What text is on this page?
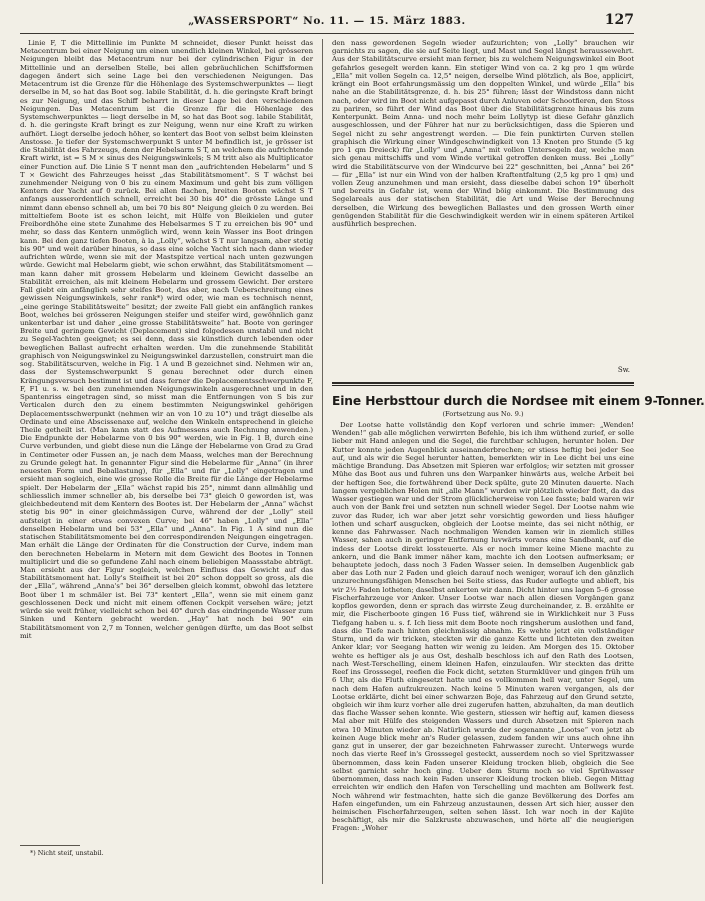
„WASSERSPORT“ No. 11. — 15. März 1883.	127

Linie F, T die Mittellinie im Punkte M schneidet, dieser Punkt heisst das Metacentrum bei einer Neigung um einen unendlich kleinen Winkel, bei grösseren Neigungen bleibt das Metacentrum nur bei der cylindrischen Figur in der Mittellinie und an derselben Stelle, bei allen gebräuchlichen Schiffsformen dagegen ändert sich seine Lage bei den verschiedenen Neigungen. Das Metacentrum ist die Grenze für die Höhenlage des Systemschwerpunktes — liegt derselbe in M, so hat das Boot sog. labile Stabilität, d. h. die geringste Kraft bringt es zur Neigung, und das Schiff beharrt in dieser Lage bei den verschiedenen Neigungen. Das Metacentrum ist die Grenze für die Höhenlage des Systemschwerpunktes — liegt derselbe in M, so hat das Boot sog. labile Stabilität, d. h. die geringste Kraft bringt es zur Neigung, wenn nur eine Kraft zu wirken aufhört. Liegt derselbe jedoch höher, so kentert das Boot von selbst beim kleinsten Anstosse. Je tiefer der Systemschwerpunkt S unter M befindlich ist, je grösser ist die Stabilität des Fahrzeugs, denn der Hebelsarm S T, an welchem die aufrichtende Kraft wirkt, ist = S M × sinus des Neigungswinkels; S M tritt also als Multiplicator einer Function auf. Die Linie S T nennt man den „aufrichtenden Hebelarm“ und S T × Gewicht des Fahrzeuges heisst „das Stabilitätsmoment“. S T wächst bei zunehmender Neigung von 0 bis zu einem Maximum und geht bis zum völligen Kentern der Yacht auf 0 zurück. Bei allen flachen, breiten Booten wächst S T anfangs ausserordentlich schnell, erreicht bei 30 bis 40° die grösste Länge und nimmt dann ebenso schnell ab, um bei 70 bis 80° Neigung gleich 0 zu werden. Bei mitteltiefem Boote ist es schon leicht, mit Hülfe von Bleikielen und guter Freibordhöhe eine stete Zunahme des Hebelsarmes S T zu erreichen bis 90° und mehr, so dass das Kentern unmöglich wird, wenn kein Wasser ins Boot dringen kann. Bei den ganz tiefen Booten, à la „Lolly“, wächst S T nur langsam, aber stetig bis 90° und weit darüber hinaus, so dass eine solche Yacht sich nach dann wieder aufrichten würde, wenn sie mit der Mastspitze vertical nach unten gezwungen würde. Gewicht mal Hebelarm giebt, wie schon erwähnt, das Stabilitätsmoment — man kann daher mit grossem Hebelarm und kleinem Gewicht dasselbe an Stabilität erreichen, als mit kleinem Hebelarm und grossem Gewicht. Der erstere Fall giebt ein anfänglich sehr steifes Boot, das aber, nach Ueberschreitung eines gewissen Neigungswinkels, sehr rank*) wird oder, wie man es technisch nennt, „eine geringe Stabilitätsweite“ besitzt; der zweite Fall giebt ein anfänglich rankes Boot, welches bei grösseren Neigungen steifer und steifer wird, gewöhnlich ganz unkenterbar ist und daher „eine grosse Stabilitätsweite“ hat. Boote von geringer Breite und geringem Gewicht (Deplacement) sind folgedessen unstabil und nicht zu Segel-Yachten geeignet; es sei denn, dass sie künstlich durch lebenden oder beweglichen Ballast aufrecht erhalten werden. Um die zunehmende Stabilität graphisch von Neigungswinkel zu Neigungswinkel darzustellen, construirt man die sog. Stabilitätscurven, welche in Fig. 1 A und B gezeichnet sind. Nehmen wir an, dass der Systemschwerpunkt S genau berechnet oder durch einen Krängungsversuch bestimmt ist und dass ferner die Deplacementsschwerpunkte F, F, F1 u. s. w. bei den zunehmenden Neigungswinkeln ausgerechnet und in den Spantenriss eingetragen sind, so misst man die Entfernungen von S bis zur Verticalen durch den zu einem bestimmten Neigungswinkel gehörigen Deplacementsschwerpunkt (nehmen wir an von 10 zu 10°) und trägt dieselbe als Ordinate und eine Abscissenaxe auf, welche den Winkeln entsprechend in gleiche Theile getheilt ist. (Man kann statt des Aufmessens auch Rechnung anwenden.) Die Endpunkte der Hebelarme von 0 bis 90° werden, wie in Fig. 1 B, durch eine Curve verbunden, und giebt diese nun die Länge der Hebelarme von Grad zu Grad in Centimeter oder Fussen an, je nach dem Maass, welches man der Berechnung zu Grunde gelegt hat. In genannter Figur sind die Hebelarme für „Anna“ (in ihrer neuesten Form und Beballastung), für „Ella“ und für „Lolly“ eingetragen und ersieht man sogleich, eine wie grosse Rolle die Breite für die Länge der Hebelarme spielt. Der Hebelarm der „Ella“ wächst rapid bis 25°, nimmt dann allmählig und schliesslich immer schneller ab, bis derselbe bei 73° gleich 0 geworden ist, was gleichbedeutend mit dem Kentern des Bootes ist. Der Hebelarm der „Anna“ wächst stetig bis 90° in einer gleichmässigen Curve, während der der „Lolly“ steil aufsteigt in einer etwas convexen Curve; bei 46° haben „Lolly“ und „Ella“ denselben Hebelarm und bei 53° „Ella“ und „Anna“. In Fig. 1 A sind nun die statischen Stabilitätsmomente bei den correspondirenden Neigungen eingetragen. Man erhält die Länge der Ordinaten für die Construction der Curve, indem man den berechneten Hebelarm in Metern mit dem Gewicht des Bootes in Tonnen multiplicirt und die so gefundene Zahl nach einem beliebigen Maassstabe abträgt. Man ersieht aus der Figur sogleich, welchen Einfluss das Gewicht auf das Stabilitätsmoment hat. Lolly's Steifheit ist bei 20° schon doppelt so gross, als die der „Ella“, während „Anna's“ bei 36° derselben gleich kommt, obwohl das letztere Boot über 1 m schmäler ist. Bei 73° kentert „Ella“, wenn sie mit einem ganz geschlossenen Deck und nicht mit einem offenen Cockpit versehen wäre; jetzt würde sie weit früher, vielleicht schon bei 40° durch das eindringende Wasser zum Sinken und Kentern gebracht werden. „Hay“ hat noch bei 90° ein Stabilitätsmoment von 2,7 m Tonnen, welcher genügen dürfte, um das Boot selbst mit

*) Nicht steif, unstabil.

den nass gewordenen Segeln wieder aufzurichten; von „Lolly“ brauchen wir garnichts zu sagen, die sie auf Seite liegt, und Mast und Segel längst heraussewehrt. Aus der Stabilitätscurve ersieht man ferner, bis zu welchem Neigungswinkel ein Boot gefahrlos gesegelt werden kann. Ein stetiger Wind von ca. 2 kg pro 1 qm würde „Ella“ mit vollen Segeln ca. 12,5° neigen, derselbe Wind plötzlich, als Boe, applicirt, krängt ein Boot erfahrungsmässig um den doppelten Winkel, und würde „Ella“ bis nahe an die Stabilitätsgrenze, d. h. bis 25° führen; lässt der Windstoss dann nicht nach, oder wird im Boot nicht aufgepasst durch Anluven oder Schootfieren, den Stoss zu pariren, so führt der Wind das Boot über die Stabilitätsgrenze hinaus bis zum Kenterpunkt. Beim Anna- und noch mehr beim Lollytyp ist diese Gefahr gänzlich ausgeschlossen, und der Führer hat nur zu berücksichtigen, dass die Spieren und Segel nicht zu sehr angestrengt werden. — Die fein punktirten Curven stellen graphisch die Wirkung einer Windgeschwindigkeit von 13 Knoten pro Stunde (5 kg pro 1 qm Dreieck) für „Lolly“ und „Anna“ mit vollen Untersegeln dar, welche man sich genau mittschiffs und vom Winde vertikal getroffen denken muss. Bei „Lolly“ wird die Stabilitätscurve von der Windcurve bei 22° geschnitten, bei „Anna“ bei 26° — für „Ella“ ist nur ein Wind von der halben Kraftentfaltung (2,5 kg pro 1 qm) und vollen Zeug anzunehmen und man ersieht, dass dieselbe dabei schon 19° überholt und bereits in Gefahr ist, wenn der Wind böig einkommt. Die Bestimmung des Segelareals aus der statischen Stabilität, die Art und Weise der Berechnung derselben, die Wirkung des beweglichen Ballastes und den grossen Werth einer genügenden Stabilität für die Geschwindigkeit werden wir in einem späteren Artikel ausführlich besprechen.

Sw.
Eine Herbsttour durch die Nordsee mit einem 9-Tonner.
(Fortsetzung aus No. 9.)

Der Lootse hatte vollständig den Kopf verloren und schrie immer: „Wenden! Wenden!“ gab alle möglichen verwirrten Befehle, bis ich ihm wüthend zurief, er solle lieber mit Hand anlegen und die Segel, die furchtbar schlugen, herunter holen. Der Kutter konnte jeden Augenblick auseinanderbrechen; er stiess heftig bei jeder See auf, und als wir die Segel herunter hatten, bemerkten wir in Lee dicht bei uns eine mächtige Brandung. Das Absetzen mit Spieren war erfolglos; wir setzten mit grosser Mühe das Boot aus und fuhren uns den Warpanker hinwärts aus, welche Arbeit bei der heftigen See, die fortwährend über Deck spülte, gute 20 Minuten dauerte. Nach langem vergeblichen Holen mit „alle Mann“ wurden wir plötzlich wieder flott, da das Wasser gestiegen war und der Strom glücklicherweise von Lee fasste; bald waren wir auch von der Bank frei und setzten nun schnell wieder Segel. Der Lootse nahm wie zuvor das Ruder, ich war aber jetzt sehr vorsichtig geworden und liess häufiger lothen und scharf ausgucken, obgleich der Lootse meinte, das sei nicht nöthig, er kenne das Fahrwasser. Nach nochmaligen Wenden kamen wir in ziemlich stilles Wasser, sahen auch in geringer Entfernung luvwärts vorans eine Sandbank, auf die indess der Lootse direkt lossteuerte. Als er noch immer keine Miene machte zu ankern, und die Bank immer näher kam, machte ich den Lootsen aufmerksam; er behauptete jedoch, dass noch 3 Faden Wasser seien. In demselben Augenblick gab aber das Loth nur 2 Faden und gleich darauf noch weniger, worauf ich den gänzlich unzurechnungsfähigen Menschen bei Seite stiess, das Ruder auflegte und ablieft, bis wir 2½ Faden lotheten; daselbst ankerten wir dann. Dicht hinter uns lagen 5–6 grosse Fischerfahrzeuge vor Anker. Unser Lootse war nach allen diesen Vorgängen ganz kopflos geworden, denn er sprach das wirrste Zeug durcheinander, z. B. erzählte er mir, die Fischerboote gingen 16 Fuss tief, während sie in Wirklichkeit nur 3 Fuss Tiefgang haben u. s. f. Ich liess mit dem Boote noch ringsherum auslothen und fand, dass die Tiefe nach hinten gleichmässig abnahm. Es wehte jetzt ein vollständiger Sturm, und da wir tricken, steckten wir die ganze Kette und lichteten den zweiten Anker klar; vor Seegang hatten wir wenig zu leiden. Am Morgen des 15. Oktober wehte es heftiger als je aus Ost, deshalb beschloss ich auf den Rath des Lootsen, nach West-Terschelling, einem kleinen Hafen, einzulaufen. Wir steckten das dritte Reef ins Grosssegel, reefien die Fock dicht, setzten Sturmklüver und gingen früh um 6 Uhr, als die Fluth eingesetzt hatte und es vollkommen hell war, unter Segel, um nach dem Hafen aufzukreuzen. Nach keine 5 Minuten waren vergangen, als der Lootse erklärte, dicht bei einer schwarzen Boje, das Fahrzeug auf den Grund setzte, obgleich wir ihm kurz vorher alle drei zugerufen hatten, abzuhalten, da man deutlich das flache Wasser sehen konnte. Wie gestern, stiessen wir heftig auf, kamen diesess Mal aber mit Hülfe des steigenden Wassers und durch Absetzen mit Spieren nach etwa 10 Minuten wieder ab. Natürlich wurde der sogenannte „Lootse“ von jetzt ab keinen Auge blick mehr an's Ruder gelassen, zudem fanden wir uns auch ohne ihn ganz gut in unserer, der gar bezeichneten Fahrwasser zurecht. Unterwegs wurde noch das vierte Reef in's Grosssegel gesteckt, ausserdem noch so viel Spritzwasser übernommen, dass kein Faden unserer Kleidung trocken blieb, obgleich die See selbst garnicht sehr hoch ging. Ueber dem Sturm noch so viel Sprühwasser übernommen, dass nach kein Faden unserer Kleidung trocken blieb. Gegen Mittag erreichten wir endlich den Hafen von Terschelling und machten am Bollwerk fest. Noch während wir festmachten, hatte sich die ganze Bevölkerung des Dorfes am Hafen eingefunden, um ein Fahrzeug anzustaunen, dessen Art sich hier, ausser den heimischen Fischerfahrzeugen, selten sehen lässt. Ich war noch in der Kajüte beschäftigt, als mir die Salzkruste abzuwaschen, und hörte all' die neugierigen Fragen: „Woher
